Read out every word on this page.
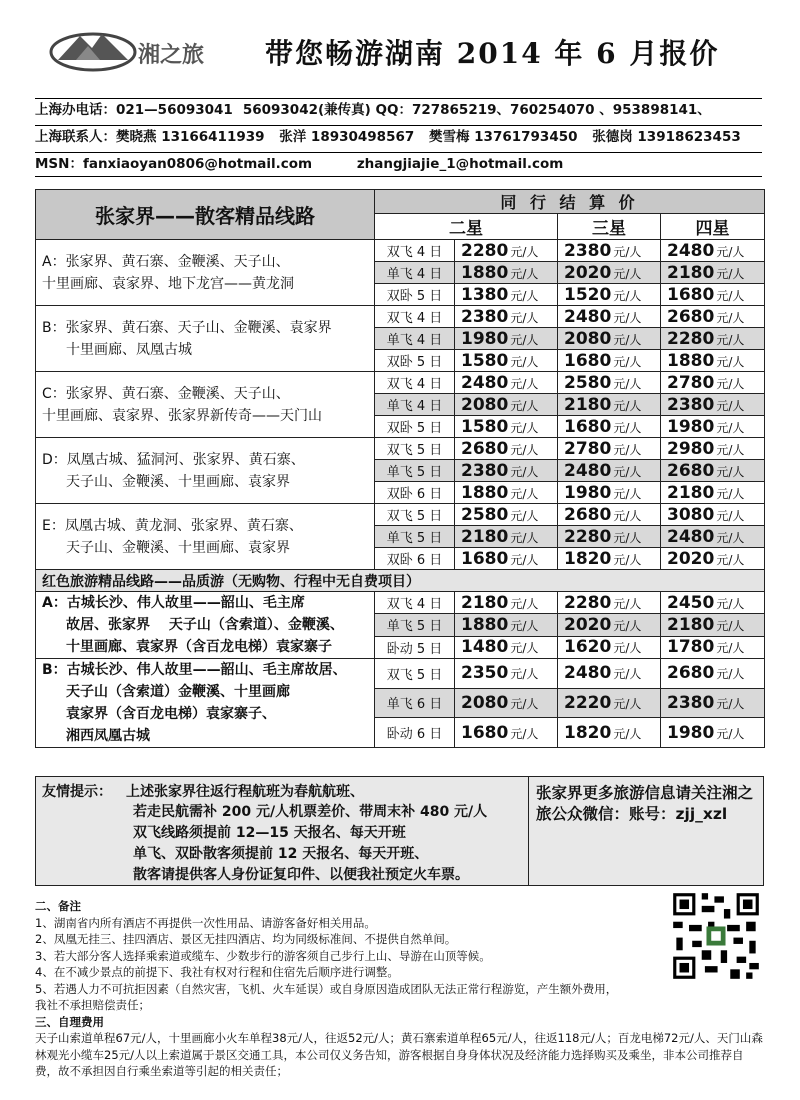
湘之旅 带您畅游湖南 2014 年 6 月报价
上海办电话：021—56093041 56093042(兼传真) QQ：727865219、760254070 、953898141、
上海联系人：樊晓燕 13166411939 张洋 18930498567 樊雪梅 13761793450 张德岗 13918623453
MSN：fanxiaoyan0806@hotmail.com	zhangjiajie_1@hotmail.com
张家界——散客精品线路	同 行 结 算 价			
	二星		三星	四星

A：张家界、黄石寨、金鞭溪、天子山、
十里画廊、袁家界、地下龙宫——黄龙洞	双飞 4 日	2280 元/人	2380 元/人	2480 元/人
	单飞 4 日	1880 元/人	2020 元/人	2180 元/人
	双卧 5 日	1380 元/人	1520 元/人	1680 元/人

B：张家界、黄石寨、天子山、金鞭溪、袁家界
十里画廊、凤凰古城	双飞 4 日	2380 元/人	2480 元/人	2680 元/人
	单飞 4 日	1980 元/人	2080 元/人	2280 元/人
	双卧 5 日	1580 元/人	1680 元/人	1880 元/人

C：张家界、黄石寨、金鞭溪、天子山、
十里画廊、袁家界、张家界新传奇——天门山	双飞 4 日	2480 元/人	2580 元/人	2780 元/人
	单飞 4 日	2080 元/人	2180 元/人	2380 元/人
	双卧 5 日	1580 元/人	1680 元/人	1980 元/人

D：凤凰古城、猛洞河、张家界、黄石寨、
天子山、金鞭溪、十里画廊、袁家界	双飞 5 日	2680 元/人	2780 元/人	2980 元/人
	单飞 5 日	2380 元/人	2480 元/人	2680 元/人
	双卧 6 日	1880 元/人	1980 元/人	2180 元/人

E：凤凰古城、黄龙洞、张家界、黄石寨、
天子山、金鞭溪、十里画廊、袁家界	双飞 5 日	2580 元/人	2680 元/人	3080 元/人
	单飞 5 日	2180 元/人	2280 元/人	2480 元/人
	双卧 6 日	1680 元/人	1820 元/人	2020 元/人
红色旅游精品线路——品质游（无购物、行程中无自费项目）				

A：古城长沙、伟人故里——韶山、毛主席
故居、张家界　 天子山（含索道）、金鞭溪、
十里画廊、袁家界（含百龙电梯）袁家寨子	双飞 4 日	2180 元/人	2280 元/人	2450 元/人
	单飞 5 日	1880 元/人	2020 元/人	2180 元/人
	卧动 5 日	1480 元/人	1620 元/人	1780 元/人

B：古城长沙、伟人故里——韶山、毛主席故居、
天子山（含索道）金鞭溪、十里画廊
袁家界（含百龙电梯）袁家寨子、
湘西凤凰古城	双飞 5 日	2350 元/人	2480 元/人	2680 元/人
	单飞 6 日	2080 元/人	2220 元/人	2380 元/人
	卧动 6 日	1680 元/人	1820 元/人	1980 元/人
友情提示： 上述张家界往返行程航班为春航航班、
若走民航需补 200 元/人机票差价、带周末补 480 元/人
双飞线路须提前 12—15 天报名、每天开班
单飞、双卧散客须提前 12 天报名、每天开班、
散客请提供客人身份证复印件、以便我社预定火车票。
张家界更多旅游信息请关注湘之旅公众微信：账号：zjj_xzl
二、备注
1、湖南省内所有酒店不再提供一次性用品、请游客备好相关用品。
2、凤凰无挂三、挂四酒店、景区无挂四酒店、均为同级标准间、不提供自然单间。
3、若大部分客人选择乘索道或缆车、少数步行的游客须自己步行上山、导游在山顶等候。
4、在不减少景点的前提下、我社有权对行程和住宿先后顺序进行调整。
5、若遇人力不可抗拒因素（自然灾害，飞机、火车延误）或自身原因造成团队无法正常行程游览，产生额外费用，
我社不承担赔偿责任；
三、自理费用
天子山索道单程67元/人，十里画廊小火车单程38元/人，往返52元/人；黄石寨索道单程65元/人，往返118元/人；百龙电梯72元/人、天门山森林观光小缆车25元/人以上索道属于景区交通工具，本公司仅义务告知，游客根据自身身体状况及经济能力选择购买及乘坐，非本公司推荐自费，故不承担因自行乘坐索道等引起的相关责任；
